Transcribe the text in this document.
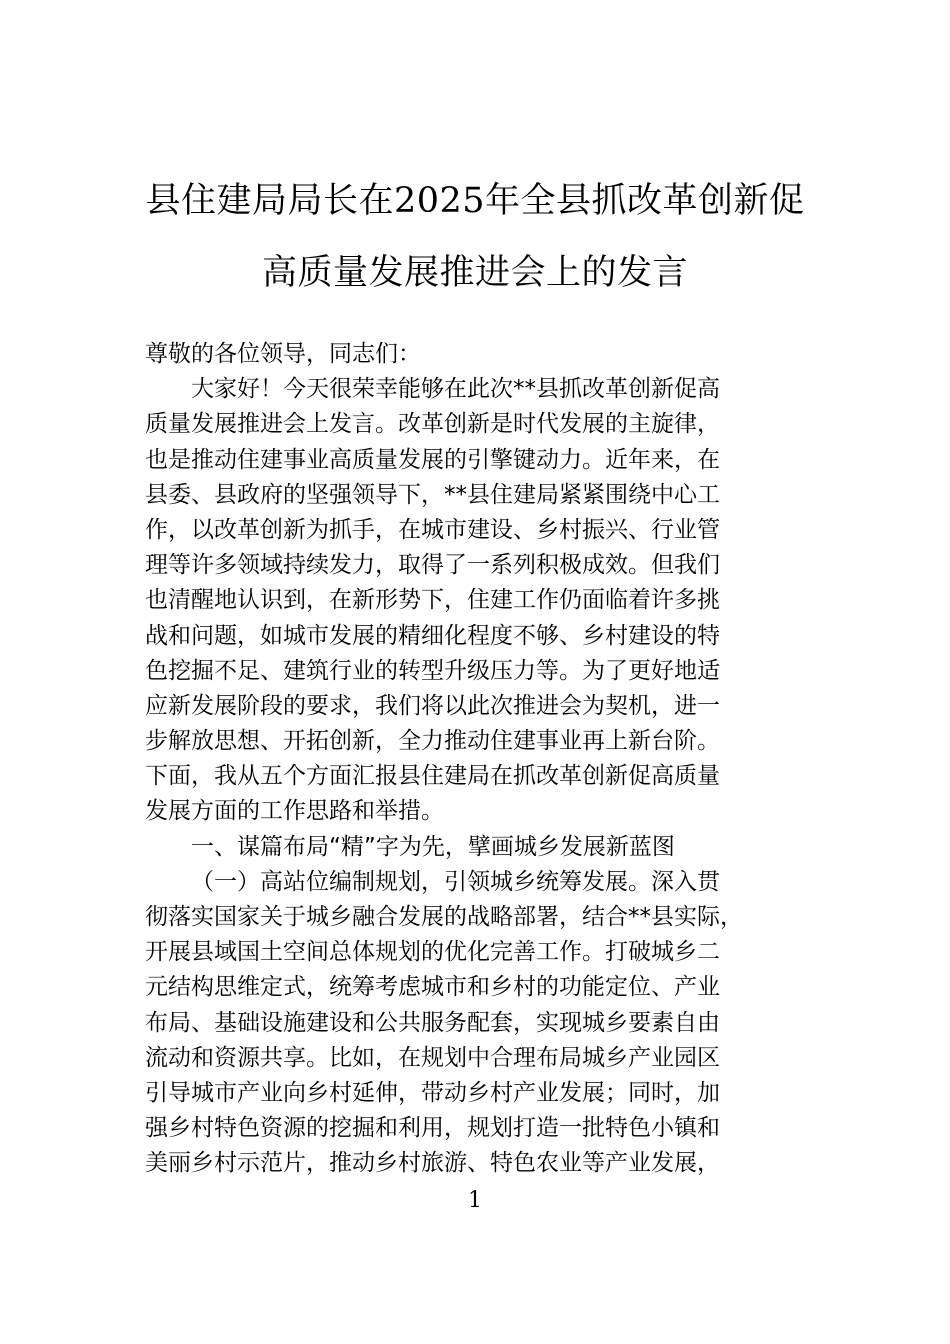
县住建局局长在2025年全县抓改革创新促
高质量发展推进会上的发言
尊敬的各位领导，同志们：
大家好！今天很荣幸能够在此次**县抓改革创新促高
质量发展推进会上发言。改革创新是时代发展的主旋律，
也是推动住建事业高质量发展的引擎键动力。近年来，在
县委、县政府的坚强领导下，**县住建局紧紧围绕中心工
作，以改革创新为抓手，在城市建设、乡村振兴、行业管
理等许多领域持续发力，取得了一系列积极成效。但我们
也清醒地认识到，在新形势下，住建工作仍面临着许多挑
战和问题，如城市发展的精细化程度不够、乡村建设的特
色挖掘不足、建筑行业的转型升级压力等。为了更好地适
应新发展阶段的要求，我们将以此次推进会为契机，进一
步解放思想、开拓创新，全力推动住建事业再上新台阶。
下面，我从五个方面汇报县住建局在抓改革创新促高质量
发展方面的工作思路和举措。
一、谋篇布局“精”字为先，擘画城乡发展新蓝图
（一）高站位编制规划，引领城乡统筹发展。深入贯
彻落实国家关于城乡融合发展的战略部署，结合**县实际，
开展县域国土空间总体规划的优化完善工作。打破城乡二
元结构思维定式，统筹考虑城市和乡村的功能定位、产业
布局、基础设施建设和公共服务配套，实现城乡要素自由
流动和资源共享。比如，在规划中合理布局城乡产业园区
引导城市产业向乡村延伸，带动乡村产业发展；同时，加
强乡村特色资源的挖掘和利用，规划打造一批特色小镇和
美丽乡村示范片，推动乡村旅游、特色农业等产业发展，
1
